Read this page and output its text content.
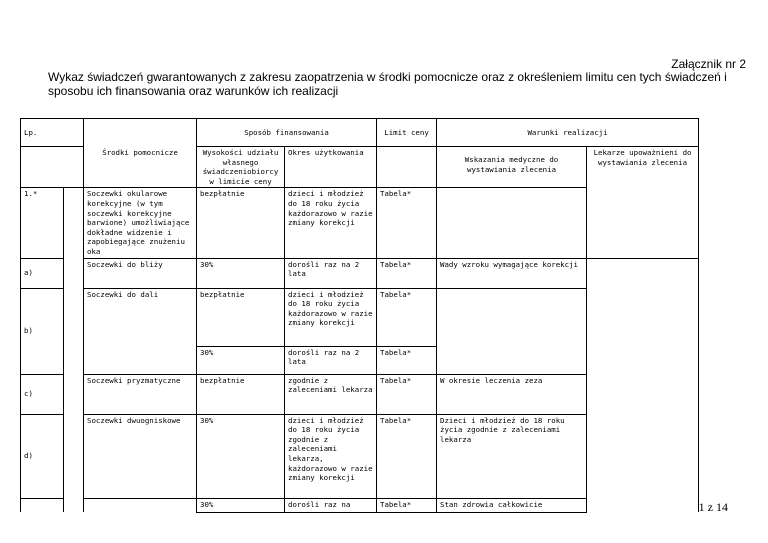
Załącznik nr 2
Wykaz świadczeń gwarantowanych z zakresu zaopatrzenia w środki pomocnicze oraz z określeniem limitu cen tych świadczeń i sposobu ich finansowania oraz warunków ich realizacji
Lp.		Środki pomocnicze	Sposób finansowania		Limit ceny	Warunki realizacji	
			Wysokości udziału własnego świadczeniobiorcy w limicie ceny	Okres użytkowania		Wskazania medyczne do wystawiania zlecenia	Lekarze upoważnieni do wystawiania zlecenia
1.*		Soczewki okularowe korekcyjne (w tym soczewki korekcyjne barwione) umożliwiające dokładne widzenie i zapobiegające znużeniu oka	bezpłatnie	dzieci i młodzież do 18 roku życia każdorazowo w razie zmiany korekcji	Tabela*		
a)		Soczewki do bliży	30%	dorośli raz na 2 lata	Tabela*	Wady wzroku wymagające korekcji	
b)		Soczewki do dali	bezpłatnie	dzieci i młodzież do 18 roku życia każdorazowo w razie zmiany korekcji	Tabela*		
			30%	dorośli raz na 2 lata	Tabela*		
c)		Soczewki pryzmatyczne	bezpłatnie	zgodnie z zaleceniami lekarza	Tabela*	W okresie leczenia zeza	
d)		Soczewki dwuogniskowe	30%	dzieci i młodzież do 18 roku życia zgodnie z zaleceniami lekarza, każdorazowo w razie zmiany korekcji	Tabela*	Dzieci i młodzież do 18 roku życia zgodnie z zaleceniami lekarza	
			30%	dorośli raz na	Tabela*	Stan zdrowia całkowicie		1 z 14
